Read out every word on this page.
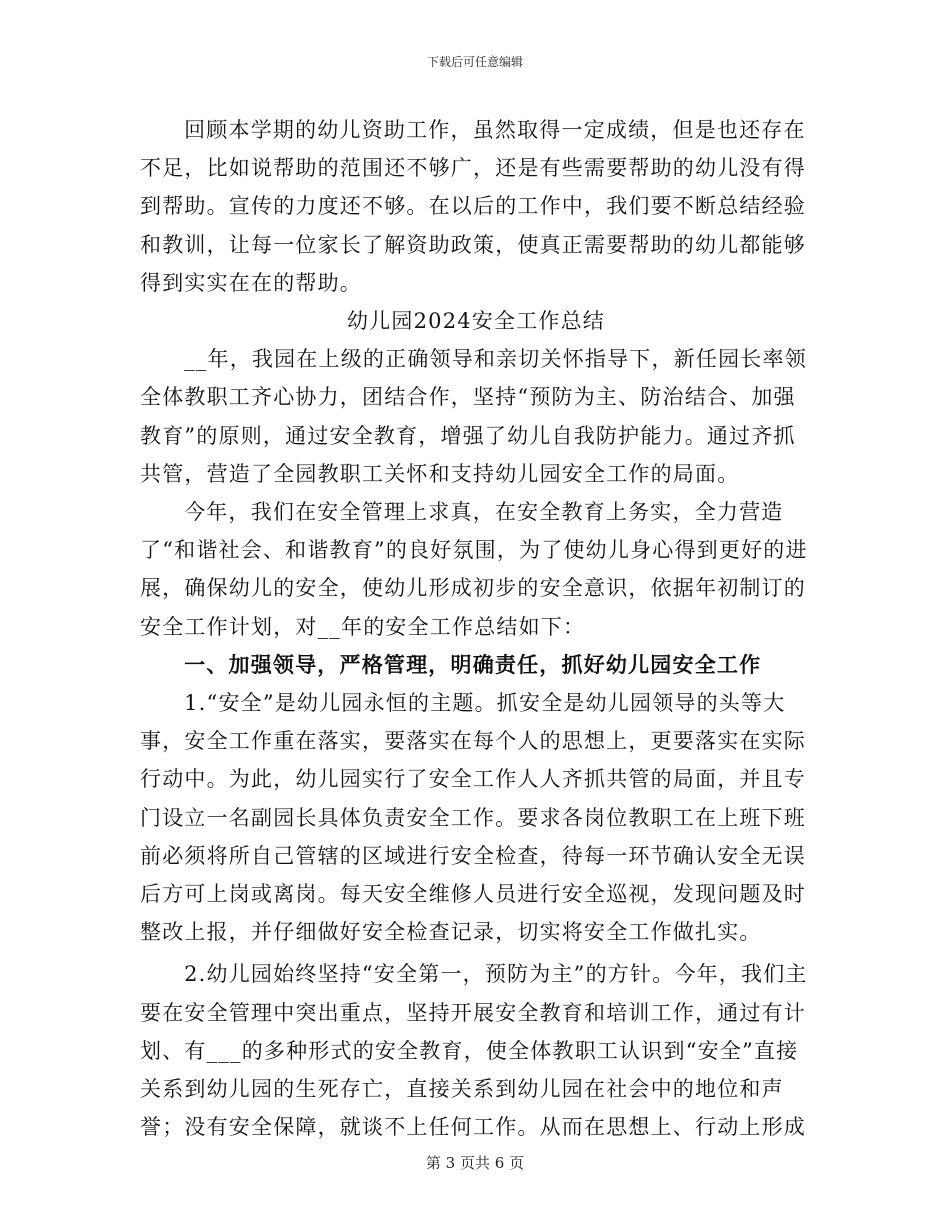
下载后可任意编辑

回顾本学期的幼儿资助工作，虽然取得一定成绩，但是也还存在不足，比如说帮助的范围还不够广，还是有些需要帮助的幼儿没有得到帮助。宣传的力度还不够。在以后的工作中，我们要不断总结经验和教训，让每一位家长了解资助政策，使真正需要帮助的幼儿都能够得到实实在在的帮助。

幼儿园2024安全工作总结

__年，我园在上级的正确领导和亲切关怀指导下，新任园长率领全体教职工齐心协力，团结合作，坚持“预防为主、防治结合、加强教育”的原则，通过安全教育，增强了幼儿自我防护能力。通过齐抓共管，营造了全园教职工关怀和支持幼儿园安全工作的局面。

今年，我们在安全管理上求真，在安全教育上务实，全力营造了“和谐社会、和谐教育”的良好氛围，为了使幼儿身心得到更好的进展，确保幼儿的安全，使幼儿形成初步的安全意识，依据年初制订的安全工作计划，对__年的安全工作总结如下：

一、加强领导，严格管理，明确责任，抓好幼儿园安全工作

1.“安全”是幼儿园永恒的主题。抓安全是幼儿园领导的头等大事，安全工作重在落实，要落实在每个人的思想上，更要落实在实际行动中。为此，幼儿园实行了安全工作人人齐抓共管的局面，并且专门设立一名副园长具体负责安全工作。要求各岗位教职工在上班下班前必须将所自己管辖的区域进行安全检查，待每一环节确认安全无误后方可上岗或离岗。每天安全维修人员进行安全巡视，发现问题及时整改上报，并仔细做好安全检查记录，切实将安全工作做扎实。

2.幼儿园始终坚持“安全第一，预防为主”的方针。今年，我们主要在安全管理中突出重点，坚持开展安全教育和培训工作，通过有计划、有___的多种形式的安全教育，使全体教职工认识到“安全”直接关系到幼儿园的生死存亡，直接关系到幼儿园在社会中的地位和声誉；没有安全保障，就谈不上任何工作。从而在思想上、行动上形成

第 3 页共 6 页
